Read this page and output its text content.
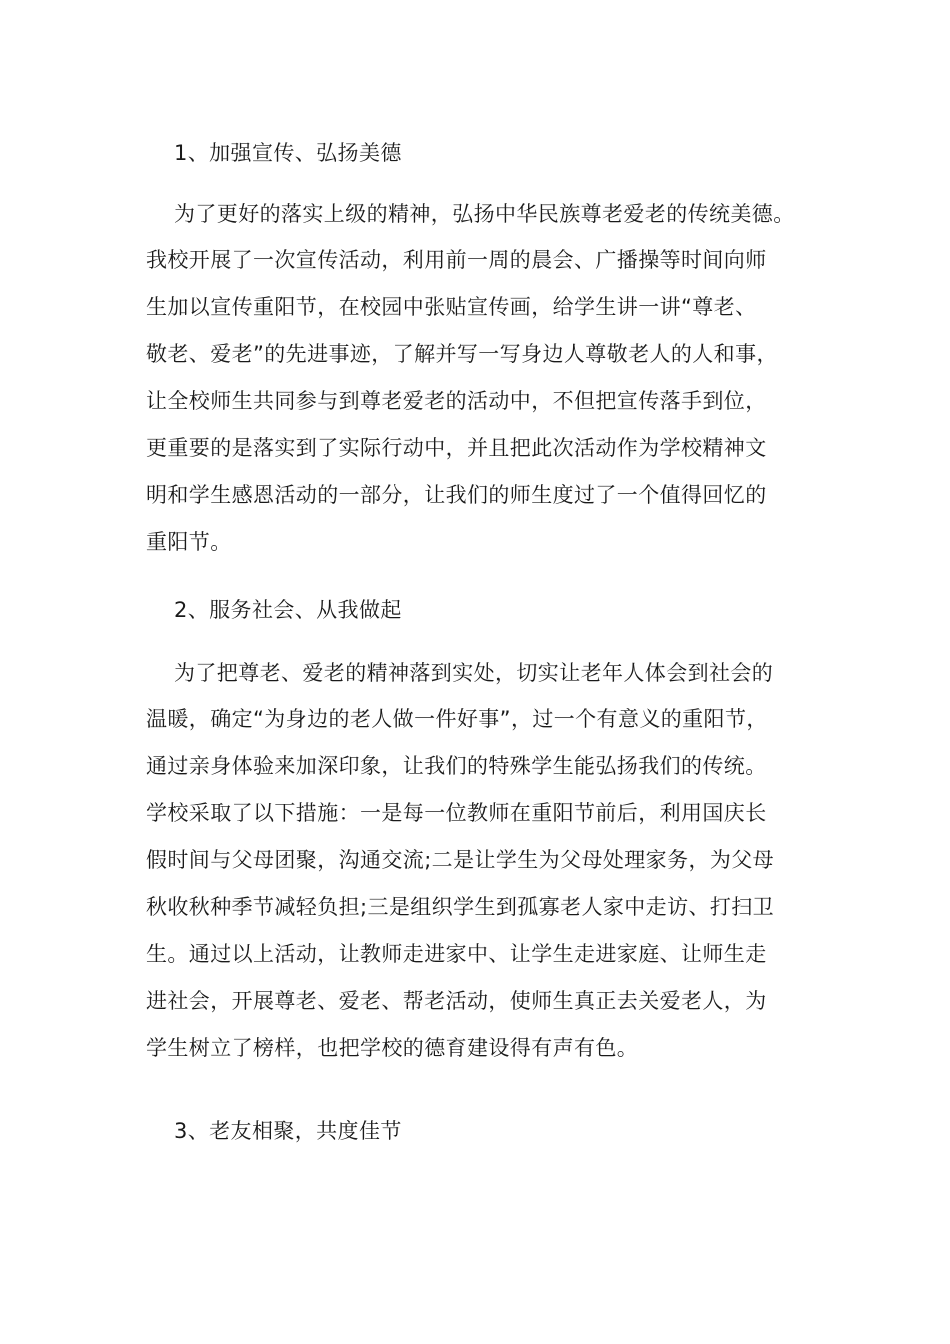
1、加强宣传、弘扬美德
为了更好的落实上级的精神，弘扬中华民族尊老爱老的传统美德。
我校开展了一次宣传活动，利用前一周的晨会、广播操等时间向师
生加以宣传重阳节，在校园中张贴宣传画，给学生讲一讲“尊老、
敬老、爱老”的先进事迹，了解并写一写身边人尊敬老人的人和事，
让全校师生共同参与到尊老爱老的活动中，不但把宣传落手到位，
更重要的是落实到了实际行动中，并且把此次活动作为学校精神文
明和学生感恩活动的一部分，让我们的师生度过了一个值得回忆的
重阳节。
2、服务社会、从我做起
为了把尊老、爱老的精神落到实处，切实让老年人体会到社会的
温暖，确定“为身边的老人做一件好事”，过一个有意义的重阳节，
通过亲身体验来加深印象，让我们的特殊学生能弘扬我们的传统。
学校采取了以下措施：一是每一位教师在重阳节前后，利用国庆长
假时间与父母团聚，沟通交流;二是让学生为父母处理家务，为父母
秋收秋种季节减轻负担;三是组织学生到孤寡老人家中走访、打扫卫
生。通过以上活动，让教师走进家中、让学生走进家庭、让师生走
进社会，开展尊老、爱老、帮老活动，使师生真正去关爱老人，为
学生树立了榜样，也把学校的德育建设得有声有色。
3、老友相聚，共度佳节
